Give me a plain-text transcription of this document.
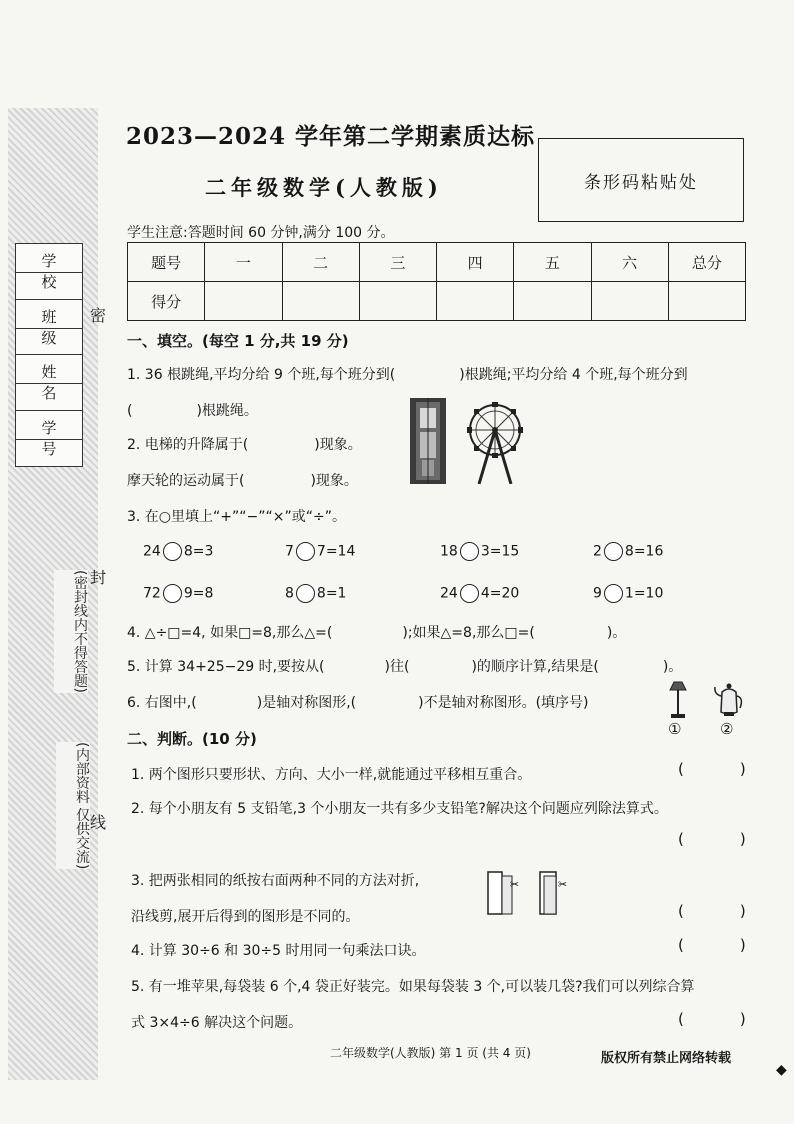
学校
班级
姓名
学号
密
封
线
(密封线内不得答题)
(内部资料 仅供交流)
2023—2024 学年第二学期素质达标
二年级数学(人教版)	条形码粘贴处
学生注意:答题时间 60 分钟,满分 100 分。
题号	一	二	三	四	五	六	总分
得分							
一、填空。(每空 1 分,共 19 分)
1. 36 根跳绳,平均分给 9 个班,每个班分到(	)根跳绳;平均分给 4 个班,每个班分到
(	)根跳绳。
2. 电梯的升降属于(	)现象。
摩天轮的运动属于(	)现象。
3. 在○里填上“+”“−”“×”或“÷”。
24 8=3	7 7=14	18 3=15	2 8=16
72 9=8	8 8=1	24 4=20	9 1=10
4. △÷□=4, 如果□=8,那么△=(	);如果△=8,那么□=(	)。
5. 计算 34+25−29 时,要按从(	)往(	)的顺序计算,结果是(	)。
6. 右图中,(	)是轴对称图形,(	)不是轴对称图形。(填序号)
①	②
二、判断。(10 分)
1. 两个图形只要形状、方向、大小一样,就能通过平移相互重合。	(	)
2. 每个小朋友有 5 支铅笔,3 个小朋友一共有多少支铅笔?解决这个问题应列除法算式。
(	)
3. 把两张相同的纸按右面两种不同的方法对折,
沿线剪,展开后得到的图形是不同的。
✂	✂
(	)
4. 计算 30÷6 和 30÷5 时用同一句乘法口诀。	(	)
5. 有一堆苹果,每袋装 6 个,4 袋正好装完。如果每袋装 3 个,可以装几袋?我们可以列综合算
式 3×4÷6 解决这个问题。	(	)
二年级数学(人教版) 第 1 页 (共 4 页)	版权所有禁止网络转载
◆
